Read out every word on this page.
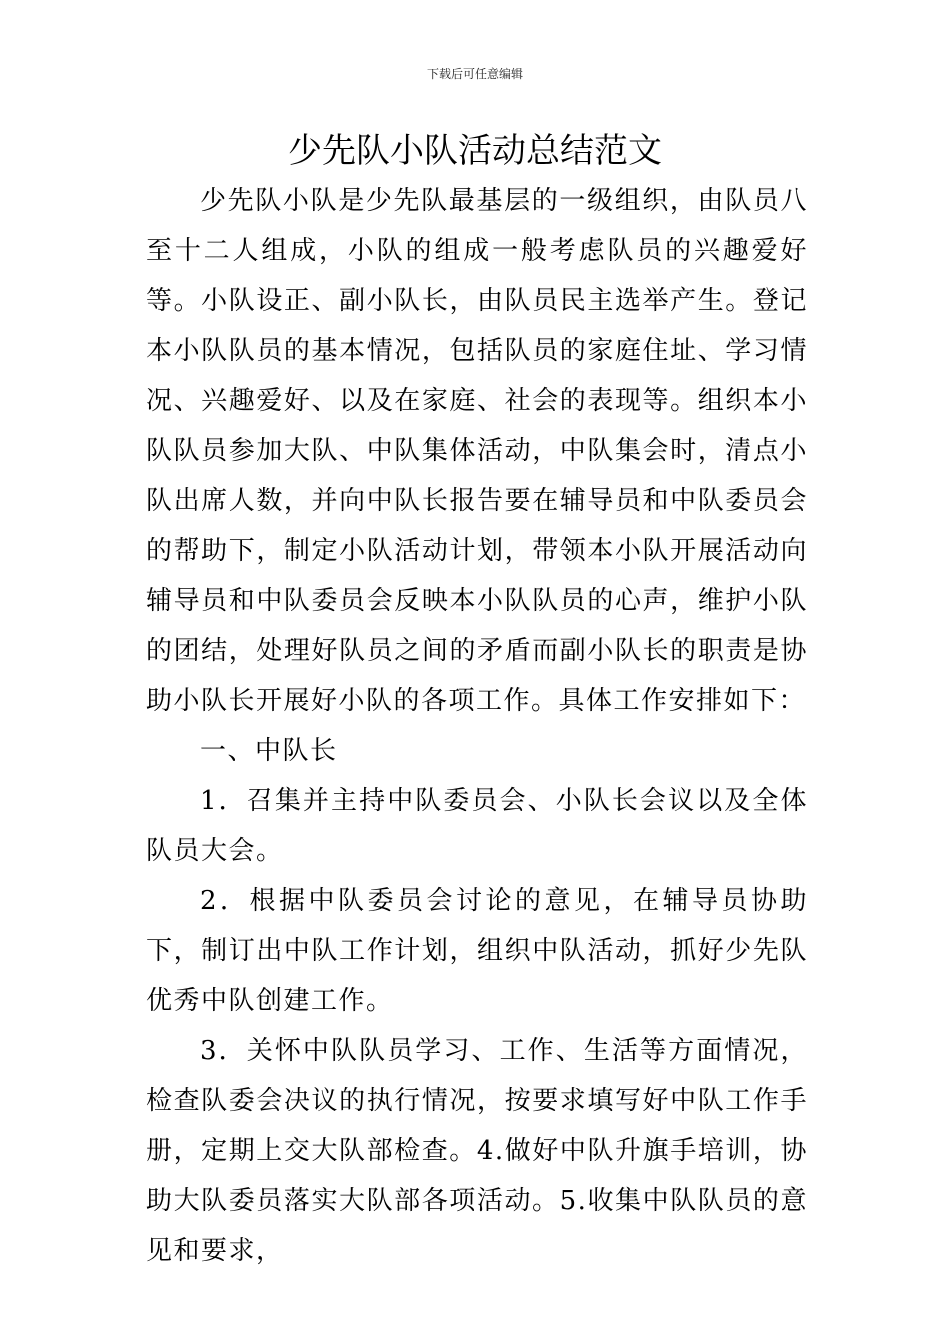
下载后可任意编辑
少先队小队活动总结范文

少先队小队是少先队最基层的一级组织，由队员八至十二人组成，小队的组成一般考虑队员的兴趣爱好等。小队设正、副小队长，由队员民主选举产生。登记本小队队员的基本情况，包括队员的家庭住址、学习情况、兴趣爱好、以及在家庭、社会的表现等。组织本小队队员参加大队、中队集体活动，中队集会时，清点小队出席人数，并向中队长报告要在辅导员和中队委员会的帮助下，制定小队活动计划，带领本小队开展活动向辅导员和中队委员会反映本小队队员的心声，维护小队的团结，处理好队员之间的矛盾而副小队长的职责是协助小队长开展好小队的各项工作。具体工作安排如下：

一、中队长

1．召集并主持中队委员会、小队长会议以及全体队员大会。

2．根据中队委员会讨论的意见，在辅导员协助下，制订出中队工作计划，组织中队活动，抓好少先队优秀中队创建工作。

3．关怀中队队员学习、工作、生活等方面情况，检查队委会决议的执行情况，按要求填写好中队工作手册，定期上交大队部检查。4.做好中队升旗手培训，协助大队委员落实大队部各项活动。5.收集中队队员的意见和要求，
